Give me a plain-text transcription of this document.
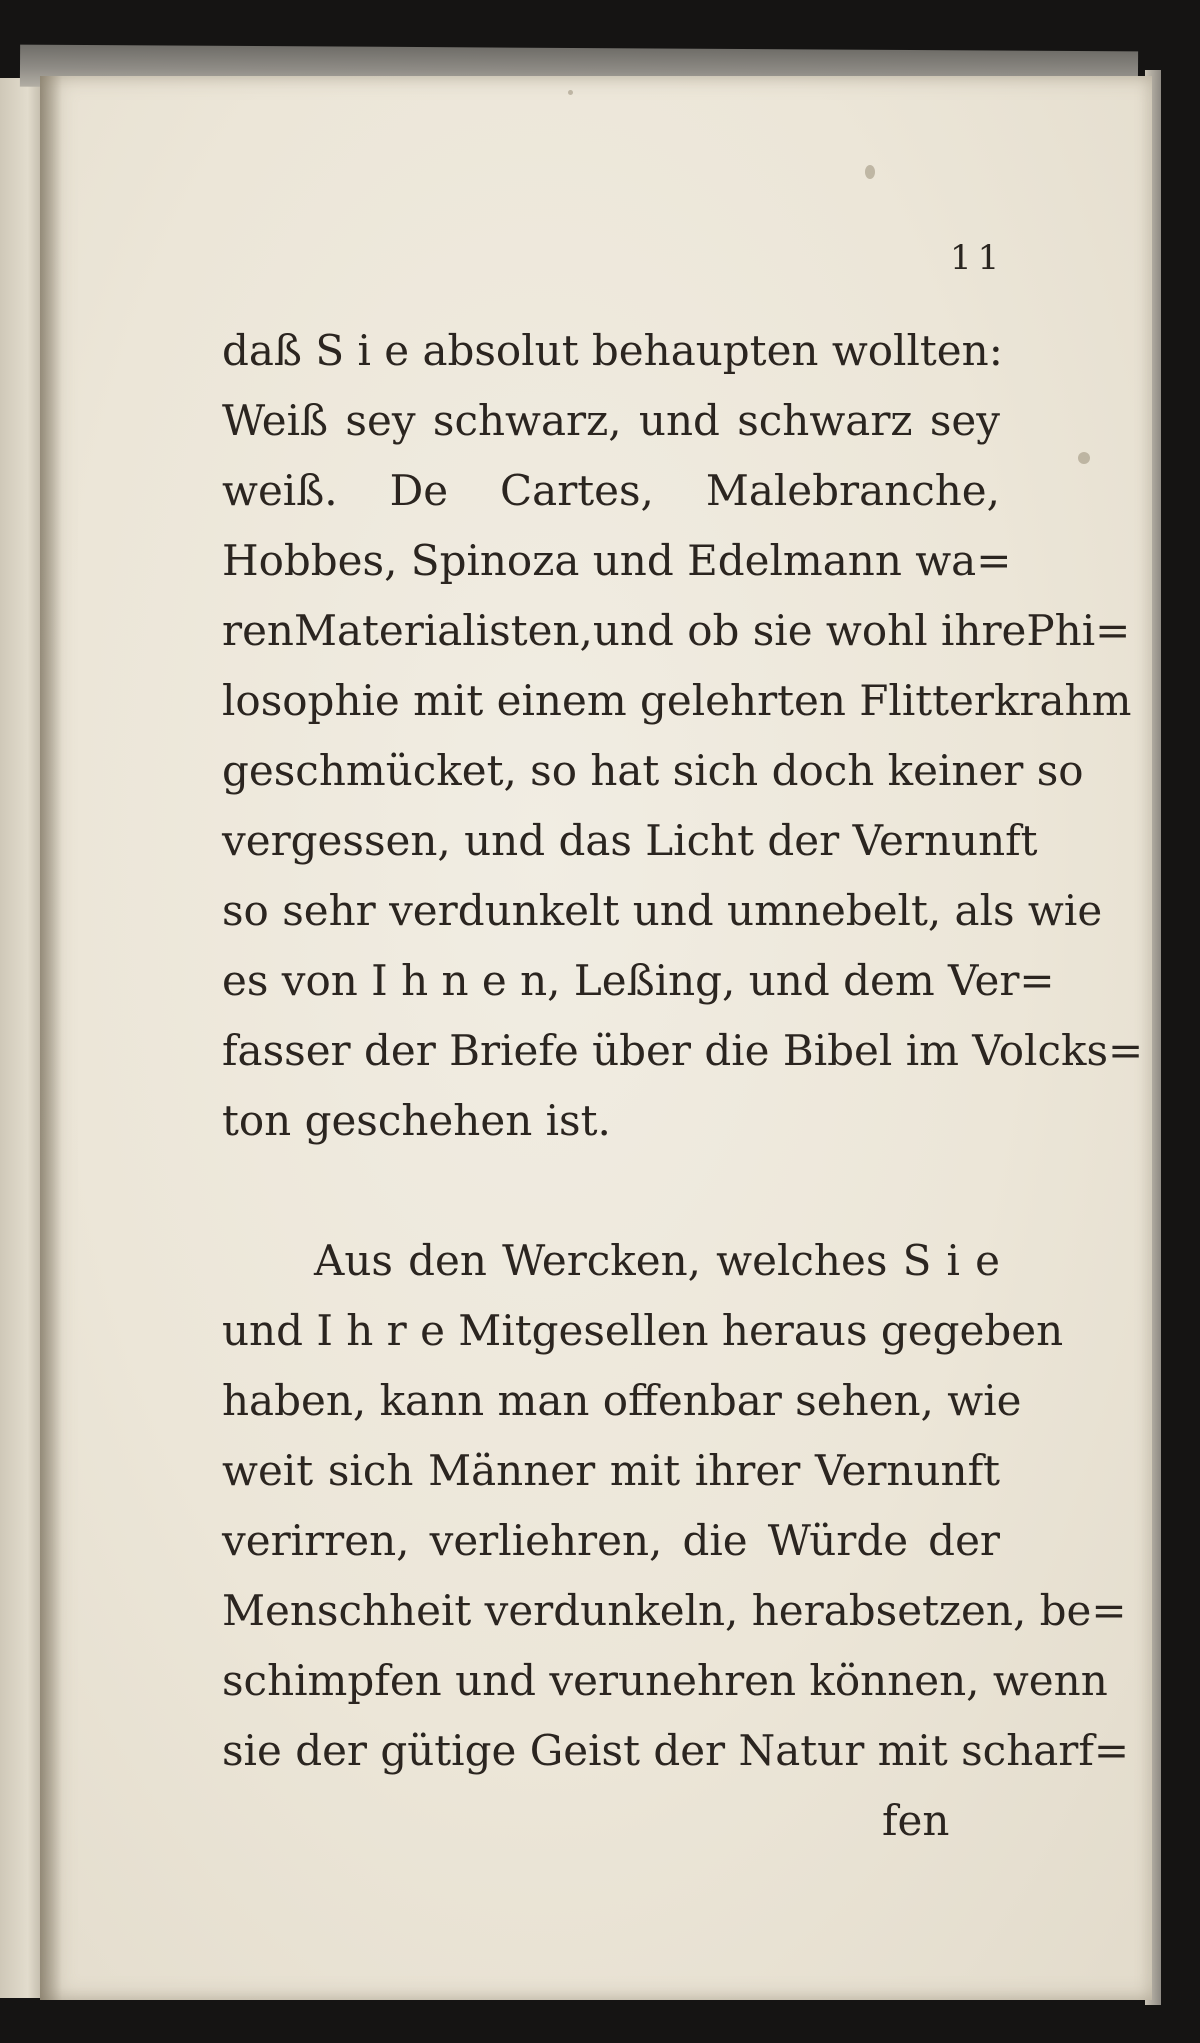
11
daß S i e absolut behaupten wollten:
Weiß sey schwarz, und schwarz sey
weiß. De Cartes, Malebranche,
Hobbes, Spinoza und Edelmann wa=
renMaterialisten,und ob sie wohl ihrePhi=
losophie mit einem gelehrten Flitterkrahm
geschmücket, so hat sich doch keiner so
vergessen, und das Licht der Vernunft
so sehr verdunkelt und umnebelt, als wie
es von I h n e n, Leßing, und dem Ver=
fasser der Briefe über die Bibel im Volcks=
ton geschehen ist.
Aus den Wercken, welches S i e
und I h r e Mitgesellen heraus gegeben
haben, kann man offenbar sehen, wie
weit sich Männer mit ihrer Vernunft
verirren, verliehren, die Würde der
Menschheit verdunkeln, herabsetzen, be=
schimpfen und verunehren können, wenn
sie der gütige Geist der Natur mit scharf=
fen
